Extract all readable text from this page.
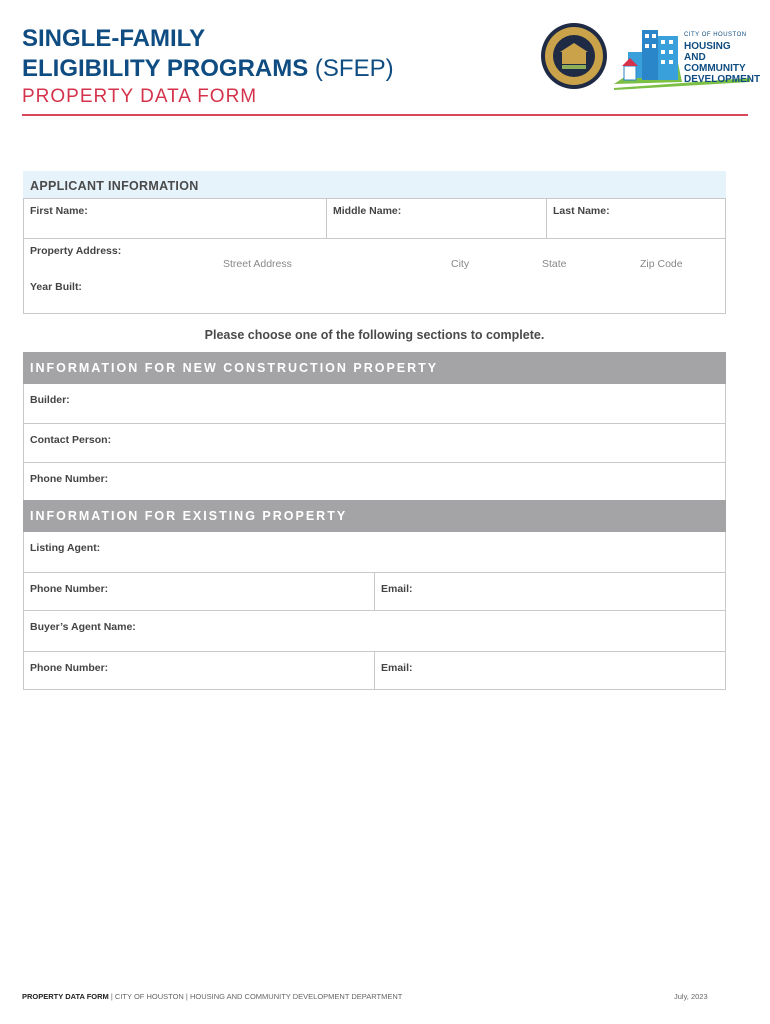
SINGLE-FAMILY
ELIGIBILITY PROGRAMS (SFEP)
PROPERTY DATA FORM
CITY OF HOUSTON
HOUSING AND
COMMUNITY
DEVELOPMENT
APPLICANT INFORMATION
First Name:	Middle Name:	Last Name:
Property Address:
Street Address	City	State	Zip Code
Year Built:
Please choose one of the following sections to complete.
INFORMATION FOR NEW CONSTRUCTION PROPERTY
Builder:
Contact Person:
Phone Number:
INFORMATION FOR EXISTING PROPERTY
Listing Agent:
Phone Number:	Email:
Buyer’s Agent Name:
Phone Number:	Email:
PROPERTY DATA FORM | CITY OF HOUSTON | HOUSING AND COMMUNITY DEVELOPMENT DEPARTMENT	July, 2023
